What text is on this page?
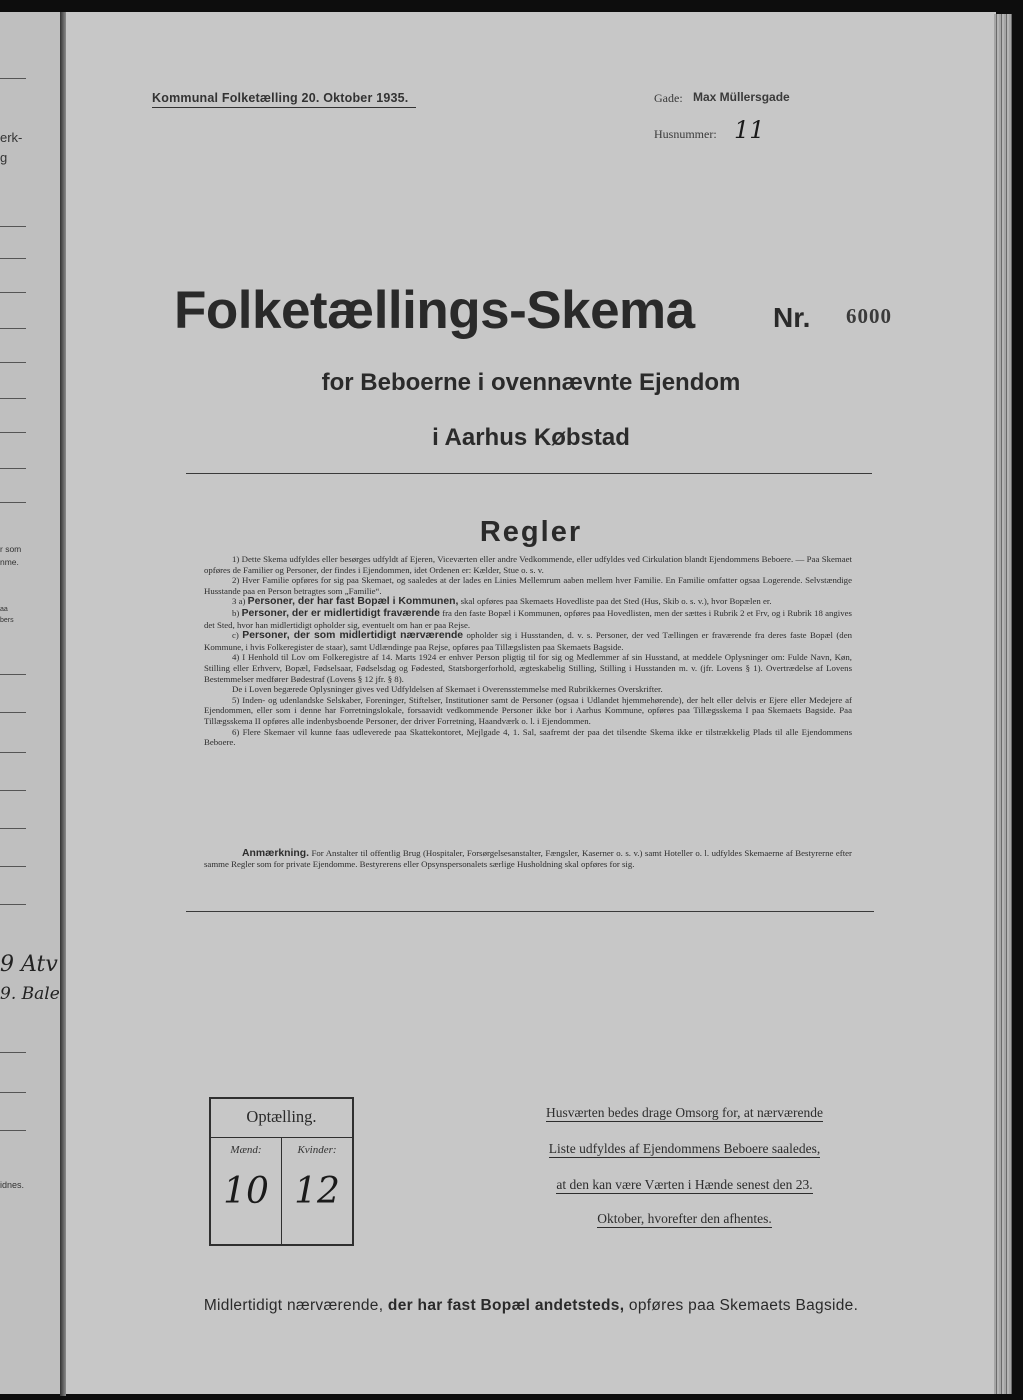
erk-
g
r som
nme.
aa
bers
9 Atv
9. Bale
idnes.
Kommunal Folketælling 20. Oktober 1935.	Gade: Max Müllersgade
Husnummer: 11
Folketællings-Skema	Nr. 6000
for Beboerne i ovennævnte Ejendom
i Aarhus Købstad
Regler

1) Dette Skema udfyldes eller besørges udfyldt af Ejeren, Viceværten eller andre Vedkommende, eller udfyldes ved Cirkulation blandt Ejendommens Beboere. — Paa Skemaet opføres de Familier og Personer, der findes i Ejendommen, idet Ordenen er: Kælder, Stue o. s. v.

2) Hver Familie opføres for sig paa Skemaet, og saaledes at der lades en Linies Mellemrum aaben mellem hver Familie. En Familie omfatter ogsaa Logerende. Selvstændige Husstande paa en Person betragtes som „Familie“.

3 a) Personer, der har fast Bopæl i Kommunen, skal opføres paa Skemaets Hovedliste paa det Sted (Hus, Skib o. s. v.), hvor Bopælen er.

b) Personer, der er midlertidigt fraværende fra den faste Bopæl i Kommunen, opføres paa Hovedlisten, men der sættes i Rubrik 2 et Frv, og i Rubrik 18 angives det Sted, hvor han midlertidigt opholder sig, eventuelt om han er paa Rejse.

c) Personer, der som midlertidigt nærværende opholder sig i Husstanden, d. v. s. Personer, der ved Tællingen er fraværende fra deres faste Bopæl (den Kommune, i hvis Folkeregister de staar), samt Udlændinge paa Rejse, opføres paa Tillægslisten paa Skemaets Bagside.

4) I Henhold til Lov om Folkeregistre af 14. Marts 1924 er enhver Person pligtig til for sig og Medlemmer af sin Husstand, at meddele Oplysninger om: Fulde Navn, Køn, Stilling eller Erhverv, Bopæl, Fødselsaar, Fødselsdag og Fødested, Statsborgerforhold, ægteskabelig Stilling, Stilling i Husstanden m. v. (jfr. Lovens § 1). Overtrædelse af Lovens Bestemmelser medfører Bødestraf (Lovens § 12 jfr. § 8).

De i Loven begærede Oplysninger gives ved Udfyldelsen af Skemaet i Overensstemmelse med Rubrikkernes Overskrifter.

5) Inden- og udenlandske Selskaber, Foreninger, Stiftelser, Institutioner samt de Personer (ogsaa i Udlandet hjemmehørende), der helt eller delvis er Ejere eller Medejere af Ejendommen, eller som i denne har Forretningslokale, forsaavidt vedkommende Personer ikke bor i Aarhus Kommune, opføres paa Tillægsskema I paa Skemaets Bagside. Paa Tillægsskema II opføres alle indenbysboende Personer, der driver Forretning, Haandværk o. l. i Ejendommen.

6) Flere Skemaer vil kunne faas udleverede paa Skattekontoret, Mejlgade 4, 1. Sal, saafremt der paa det tilsendte Skema ikke er tilstrækkelig Plads til alle Ejendommens Beboere.

Anmærkning. For Anstalter til offentlig Brug (Hospitaler, Forsørgelsesanstalter, Fængsler, Kaserner o. s. v.) samt Hoteller o. l. udfyldes Skemaerne af Bestyrerne efter samme Regler som for private Ejendomme. Bestyrerens eller Opsynspersonalets særlige Husholdning skal opføres for sig.
Optælling.
Mænd:	Kvinder:
10 12
Husværten bedes drage Omsorg for, at nærværende
Liste udfyldes af Ejendommens Beboere saaledes,
at den kan være Værten i Hænde senest den 23.
Oktober, hvorefter den afhentes.
Midlertidigt nærværende, der har fast Bopæl andetsteds, opføres paa Skemaets Bagside.
